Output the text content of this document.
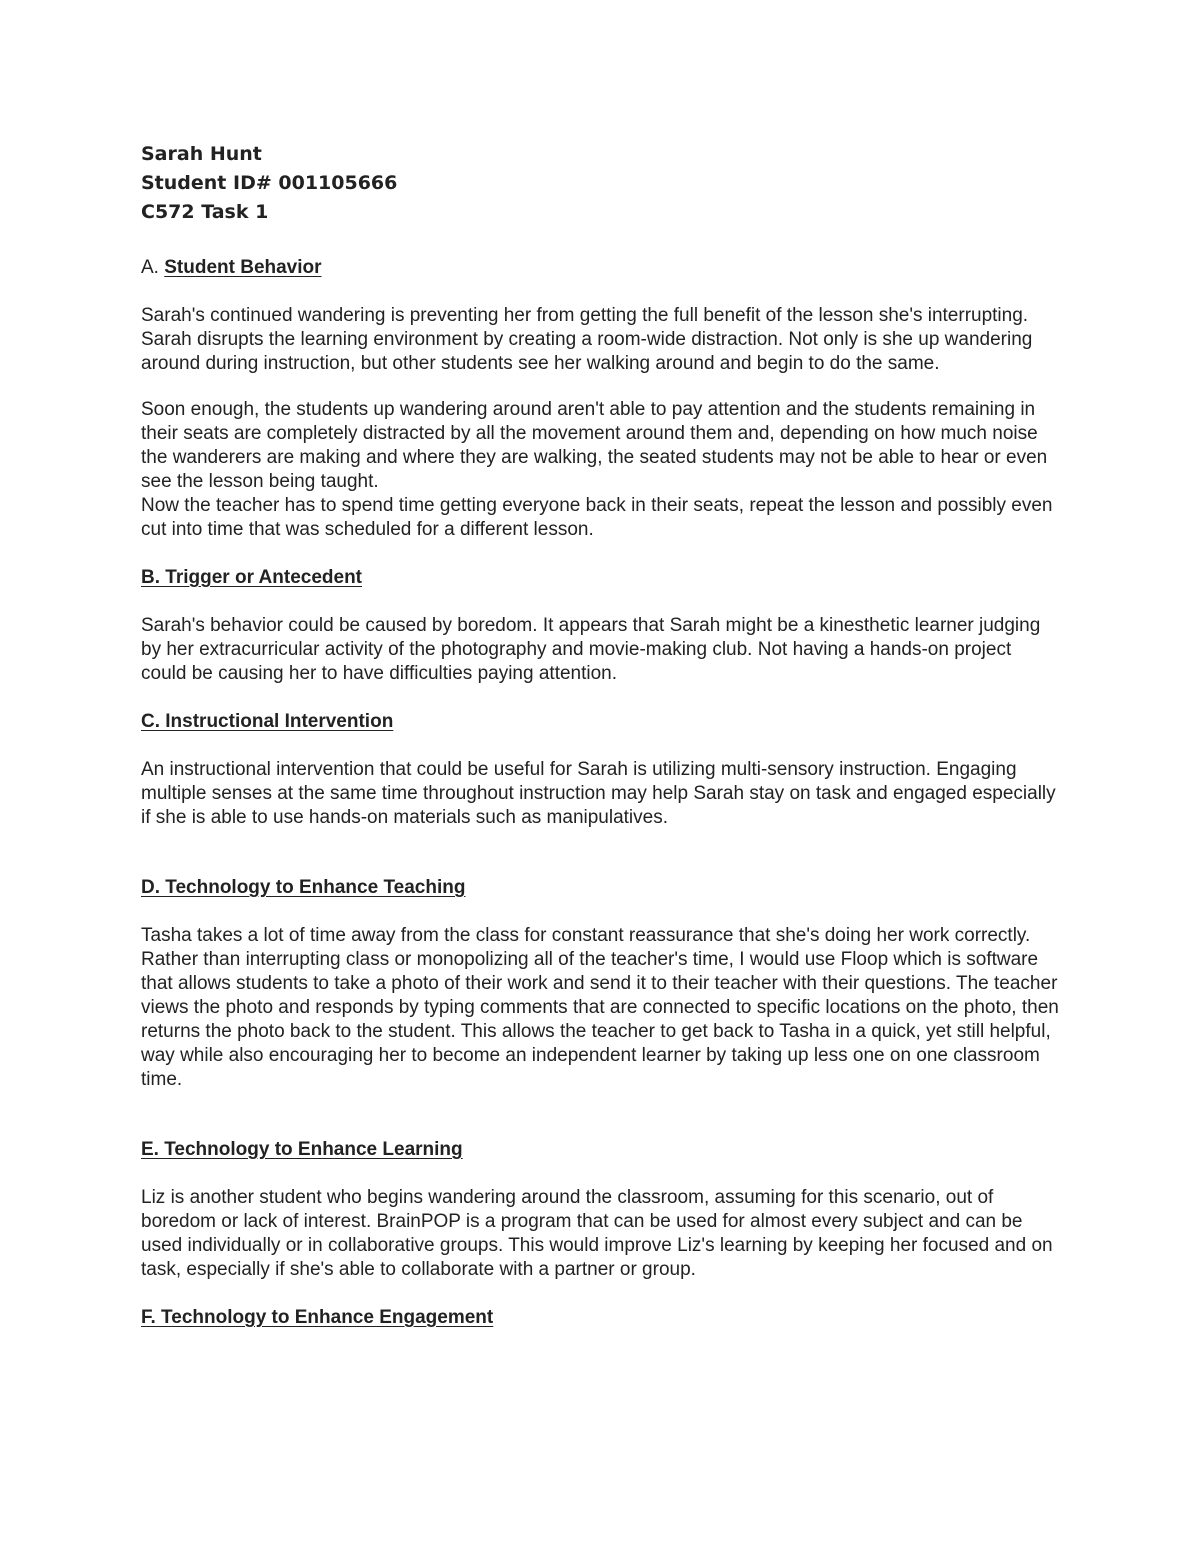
Sarah Hunt
Student ID# 001105666
C572 Task 1
A. Student Behavior

Sarah's continued wandering is preventing her from getting the full benefit of the lesson she's interrupting. Sarah disrupts the learning environment by creating a room-wide distraction. Not only is she up wandering around during instruction, but other students see her walking around and begin to do the same.

Soon enough, the students up wandering around aren't able to pay attention and the students remaining in their seats are completely distracted by all the movement around them and, depending on how much noise the wanderers are making and where they are walking, the seated students may not be able to hear or even see the lesson being taught.

Now the teacher has to spend time getting everyone back in their seats, repeat the lesson and possibly even cut into time that was scheduled for a different lesson.

B. Trigger or Antecedent

Sarah's behavior could be caused by boredom. It appears that Sarah might be a kinesthetic learner judging by her extracurricular activity of the photography and movie-making club. Not having a hands-on project could be causing her to have difficulties paying attention.

C. Instructional Intervention

An instructional intervention that could be useful for Sarah is utilizing multi-sensory instruction. Engaging multiple senses at the same time throughout instruction may help Sarah stay on task and engaged especially if she is able to use hands-on materials such as manipulatives.

D. Technology to Enhance Teaching

Tasha takes a lot of time away from the class for constant reassurance that she's doing her work correctly. Rather than interrupting class or monopolizing all of the teacher's time, I would use Floop which is software that allows students to take a photo of their work and send it to their teacher with their questions. The teacher views the photo and responds by typing comments that are connected to specific locations on the photo, then returns the photo back to the student. This allows the teacher to get back to Tasha in a quick, yet still helpful, way while also encouraging her to become an independent learner by taking up less one on one classroom time.

E. Technology to Enhance Learning

Liz is another student who begins wandering around the classroom, assuming for this scenario, out of boredom or lack of interest. BrainPOP is a program that can be used for almost every subject and can be used individually or in collaborative groups. This would improve Liz's learning by keeping her focused and on task, especially if she's able to collaborate with a partner or group.

F. Technology to Enhance Engagement
